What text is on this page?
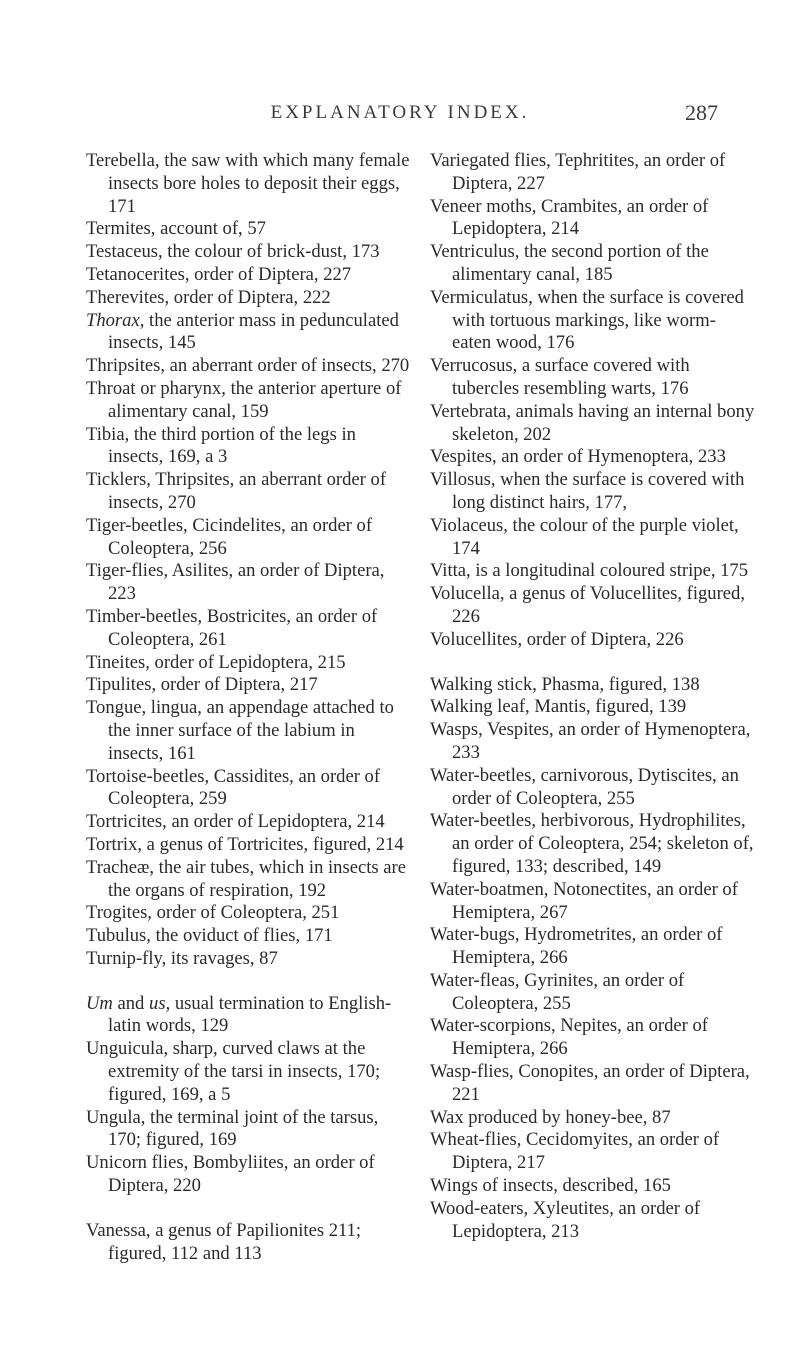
EXPLANATORY INDEX.	287

Terebella, the saw with which many female insects bore holes to deposit their eggs, 171

Termites, account of, 57

Testaceus, the colour of brick-dust, 173

Tetanocerites, order of Diptera, 227

Therevites, order of Diptera, 222

Thorax, the anterior mass in pedunculated insects, 145

Thripsites, an aberrant order of insects, 270

Throat or pharynx, the anterior aperture of alimentary canal, 159

Tibia, the third portion of the legs in insects, 169, a 3

Ticklers, Thripsites, an aberrant order of insects, 270

Tiger-beetles, Cicindelites, an order of Coleoptera, 256

Tiger-flies, Asilites, an order of Diptera, 223

Timber-beetles, Bostricites, an order of Coleoptera, 261

Tineites, order of Lepidoptera, 215

Tipulites, order of Diptera, 217

Tongue, lingua, an appendage attached to the inner surface of the labium in insects, 161

Tortoise-beetles, Cassidites, an order of Coleoptera, 259

Tortricites, an order of Lepidoptera, 214

Tortrix, a genus of Tortricites, figured, 214

Tracheæ, the air tubes, which in insects are the organs of respiration, 192

Trogites, order of Coleoptera, 251

Tubulus, the oviduct of flies, 171

Turnip-fly, its ravages, 87

Um and us, usual termination to English-latin words, 129

Unguicula, sharp, curved claws at the extremity of the tarsi in insects, 170; figured, 169, a 5

Ungula, the terminal joint of the tarsus, 170; figured, 169

Unicorn flies, Bombyliites, an order of Diptera, 220

Vanessa, a genus of Papilionites 211; figured, 112 and 113

Variegated flies, Tephritites, an order of Diptera, 227

Veneer moths, Crambites, an order of Lepidoptera, 214

Ventriculus, the second portion of the alimentary canal, 185

Vermiculatus, when the surface is covered with tortuous markings, like worm-eaten wood, 176

Verrucosus, a surface covered with tubercles resembling warts, 176

Vertebrata, animals having an internal bony skeleton, 202

Vespites, an order of Hymenoptera, 233

Villosus, when the surface is covered with long distinct hairs, 177,

Violaceus, the colour of the purple violet, 174

Vitta, is a longitudinal coloured stripe, 175

Volucella, a genus of Volucellites, figured, 226

Volucellites, order of Diptera, 226

Walking stick, Phasma, figured, 138

Walking leaf, Mantis, figured, 139

Wasps, Vespites, an order of Hymenoptera, 233

Water-beetles, carnivorous, Dytiscites, an order of Coleoptera, 255

Water-beetles, herbivorous, Hydrophilites, an order of Coleoptera, 254; skeleton of, figured, 133; described, 149

Water-boatmen, Notonectites, an order of Hemiptera, 267

Water-bugs, Hydrometrites, an order of Hemiptera, 266

Water-fleas, Gyrinites, an order of Coleoptera, 255

Water-scorpions, Nepites, an order of Hemiptera, 266

Wasp-flies, Conopites, an order of Diptera, 221

Wax produced by honey-bee, 87

Wheat-flies, Cecidomyites, an order of Diptera, 217

Wings of insects, described, 165

Wood-eaters, Xyleutites, an order of Lepidoptera, 213
